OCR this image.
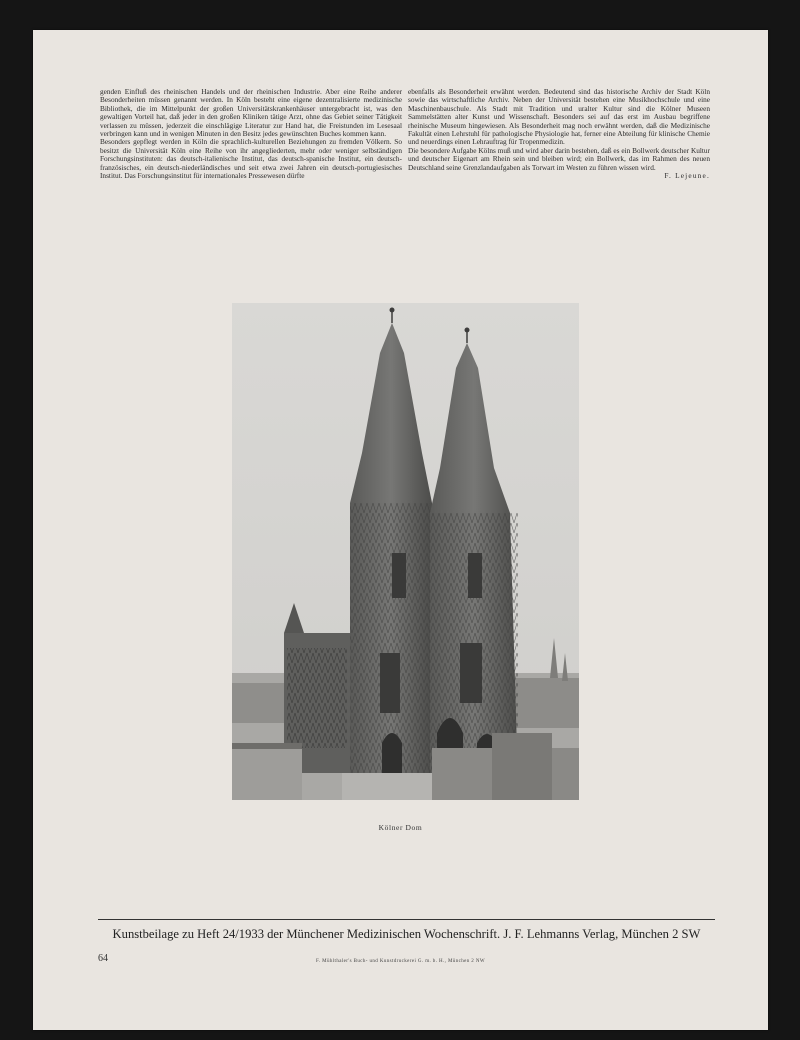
genden Einfluß des rheinischen Handels und der rheinischen Industrie. Aber eine Reihe anderer Besonderheiten müssen genannt werden. In Köln besteht eine eigene dezentralisierte medizinische Bibliothek, die im Mittelpunkt der großen Universitätskrankenhäuser untergebracht ist, was den gewaltigen Vorteil hat, daß jeder in den großen Kliniken tätige Arzt, ohne das Gebiet seiner Tätigkeit verlassen zu müssen, jederzeit die einschlägige Literatur zur Hand hat, die Freistunden im Lesesaal verbringen kann und in wenigen Minuten in den Besitz jedes gewünschten Buches kommen kann.

Besonders gepflegt werden in Köln die sprachlich-kulturellen Beziehungen zu fremden Völkern. So besitzt die Universität Köln eine Reihe von ihr angegliederten, mehr oder weniger selbständigen Forschungsinstituten: das deutsch-italienische Institut, das deutsch-spanische Institut, ein deutsch-französisches, ein deutsch-niederländisches und seit etwa zwei Jahren ein deutsch-portugiesisches Institut. Das Forschungsinstitut für internationales Pressewesen dürfte

ebenfalls als Besonderheit erwähnt werden. Bedeutend sind das historische Archiv der Stadt Köln sowie das wirtschaftliche Archiv. Neben der Universität bestehen eine Musikhochschule und eine Maschinenbauschule. Als Stadt mit Tradition und uralter Kultur sind die Kölner Museen Sammelstätten alter Kunst und Wissenschaft. Besonders sei auf das erst im Ausbau begriffene rheinische Museum hingewiesen. Als Besonderheit mag noch erwähnt werden, daß die Medizinische Fakultät einen Lehrstuhl für pathologische Physiologie hat, ferner eine Abteilung für klinische Chemie und neuerdings einen Lehrauftrag für Tropenmedizin.

Die besondere Aufgabe Kölns muß und wird aber darin bestehen, daß es ein Bollwerk deutscher Kultur und deutscher Eigenart am Rhein sein und bleiben wird; ein Bollwerk, das im Rahmen des neuen Deutschland seine Grenzlandaufgaben als Torwart im Westen zu führen wissen wird.
F. Lejeune.
Kölner Dom
Kunstbeilage zu Heft 24/1933 der Münchener Medizinischen Wochenschrift. J. F. Lehmanns Verlag, München 2 SW
64	F. Mühlthaler's Buch- und Kunstdruckerei G. m. b. H., München 2 NW
